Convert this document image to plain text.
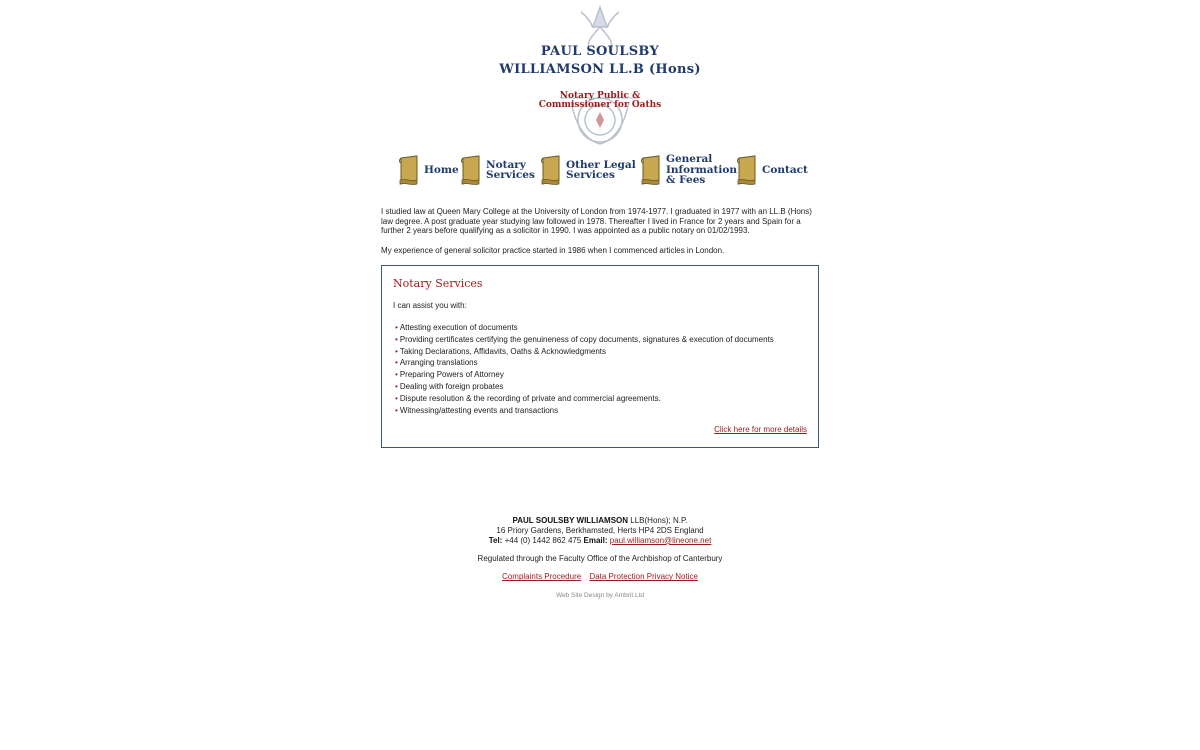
PAUL SOULSBY
WILLIAMSON LL.B (Hons)
Notary Public &
Commissioner for Oaths
Home	Notary
Services
Other Legal
Services
General
Information
& Fees
Contact

I studied law at Queen Mary College at the University of London from 1974-1977. I graduated in 1977 with an LL.B (Hons) law degree. A post graduate year studying law followed in 1978. Thereafter I lived in France for 2 years and Spain for a further 2 years before qualifying as a solicitor in 1990. I was appointed as a public notary on 01/02/1993.

My experience of general solicitor practice started in 1986 when I commenced articles in London.

Notary Services
I can assist you with:
• Attesting execution of documents
• Providing certificates certifying the genuineness of copy documents, signatures & execution of documents
• Taking Declarations, Affidavits, Oaths & Acknowledgments
• Arranging translations
• Preparing Powers of Attorney
• Dealing with foreign probates
• Dispute resolution & the recording of private and commercial agreements.
• Witnessing/attesting events and transactions
Click here for more details
PAUL SOULSBY WILLIAMSON LLB(Hons); N.P.
16 Priory Gardens, Berkhamsted, Herts HP4 2DS England
Tel: +44 (0) 1442 862 475 Email: paul.williamson@lineone.net
Regulated through the Faculty Office of the Archbishop of Canterbury
Complaints Procedure Data Protection Privacy Notice
Web Site Design by Ambrit Ltd
